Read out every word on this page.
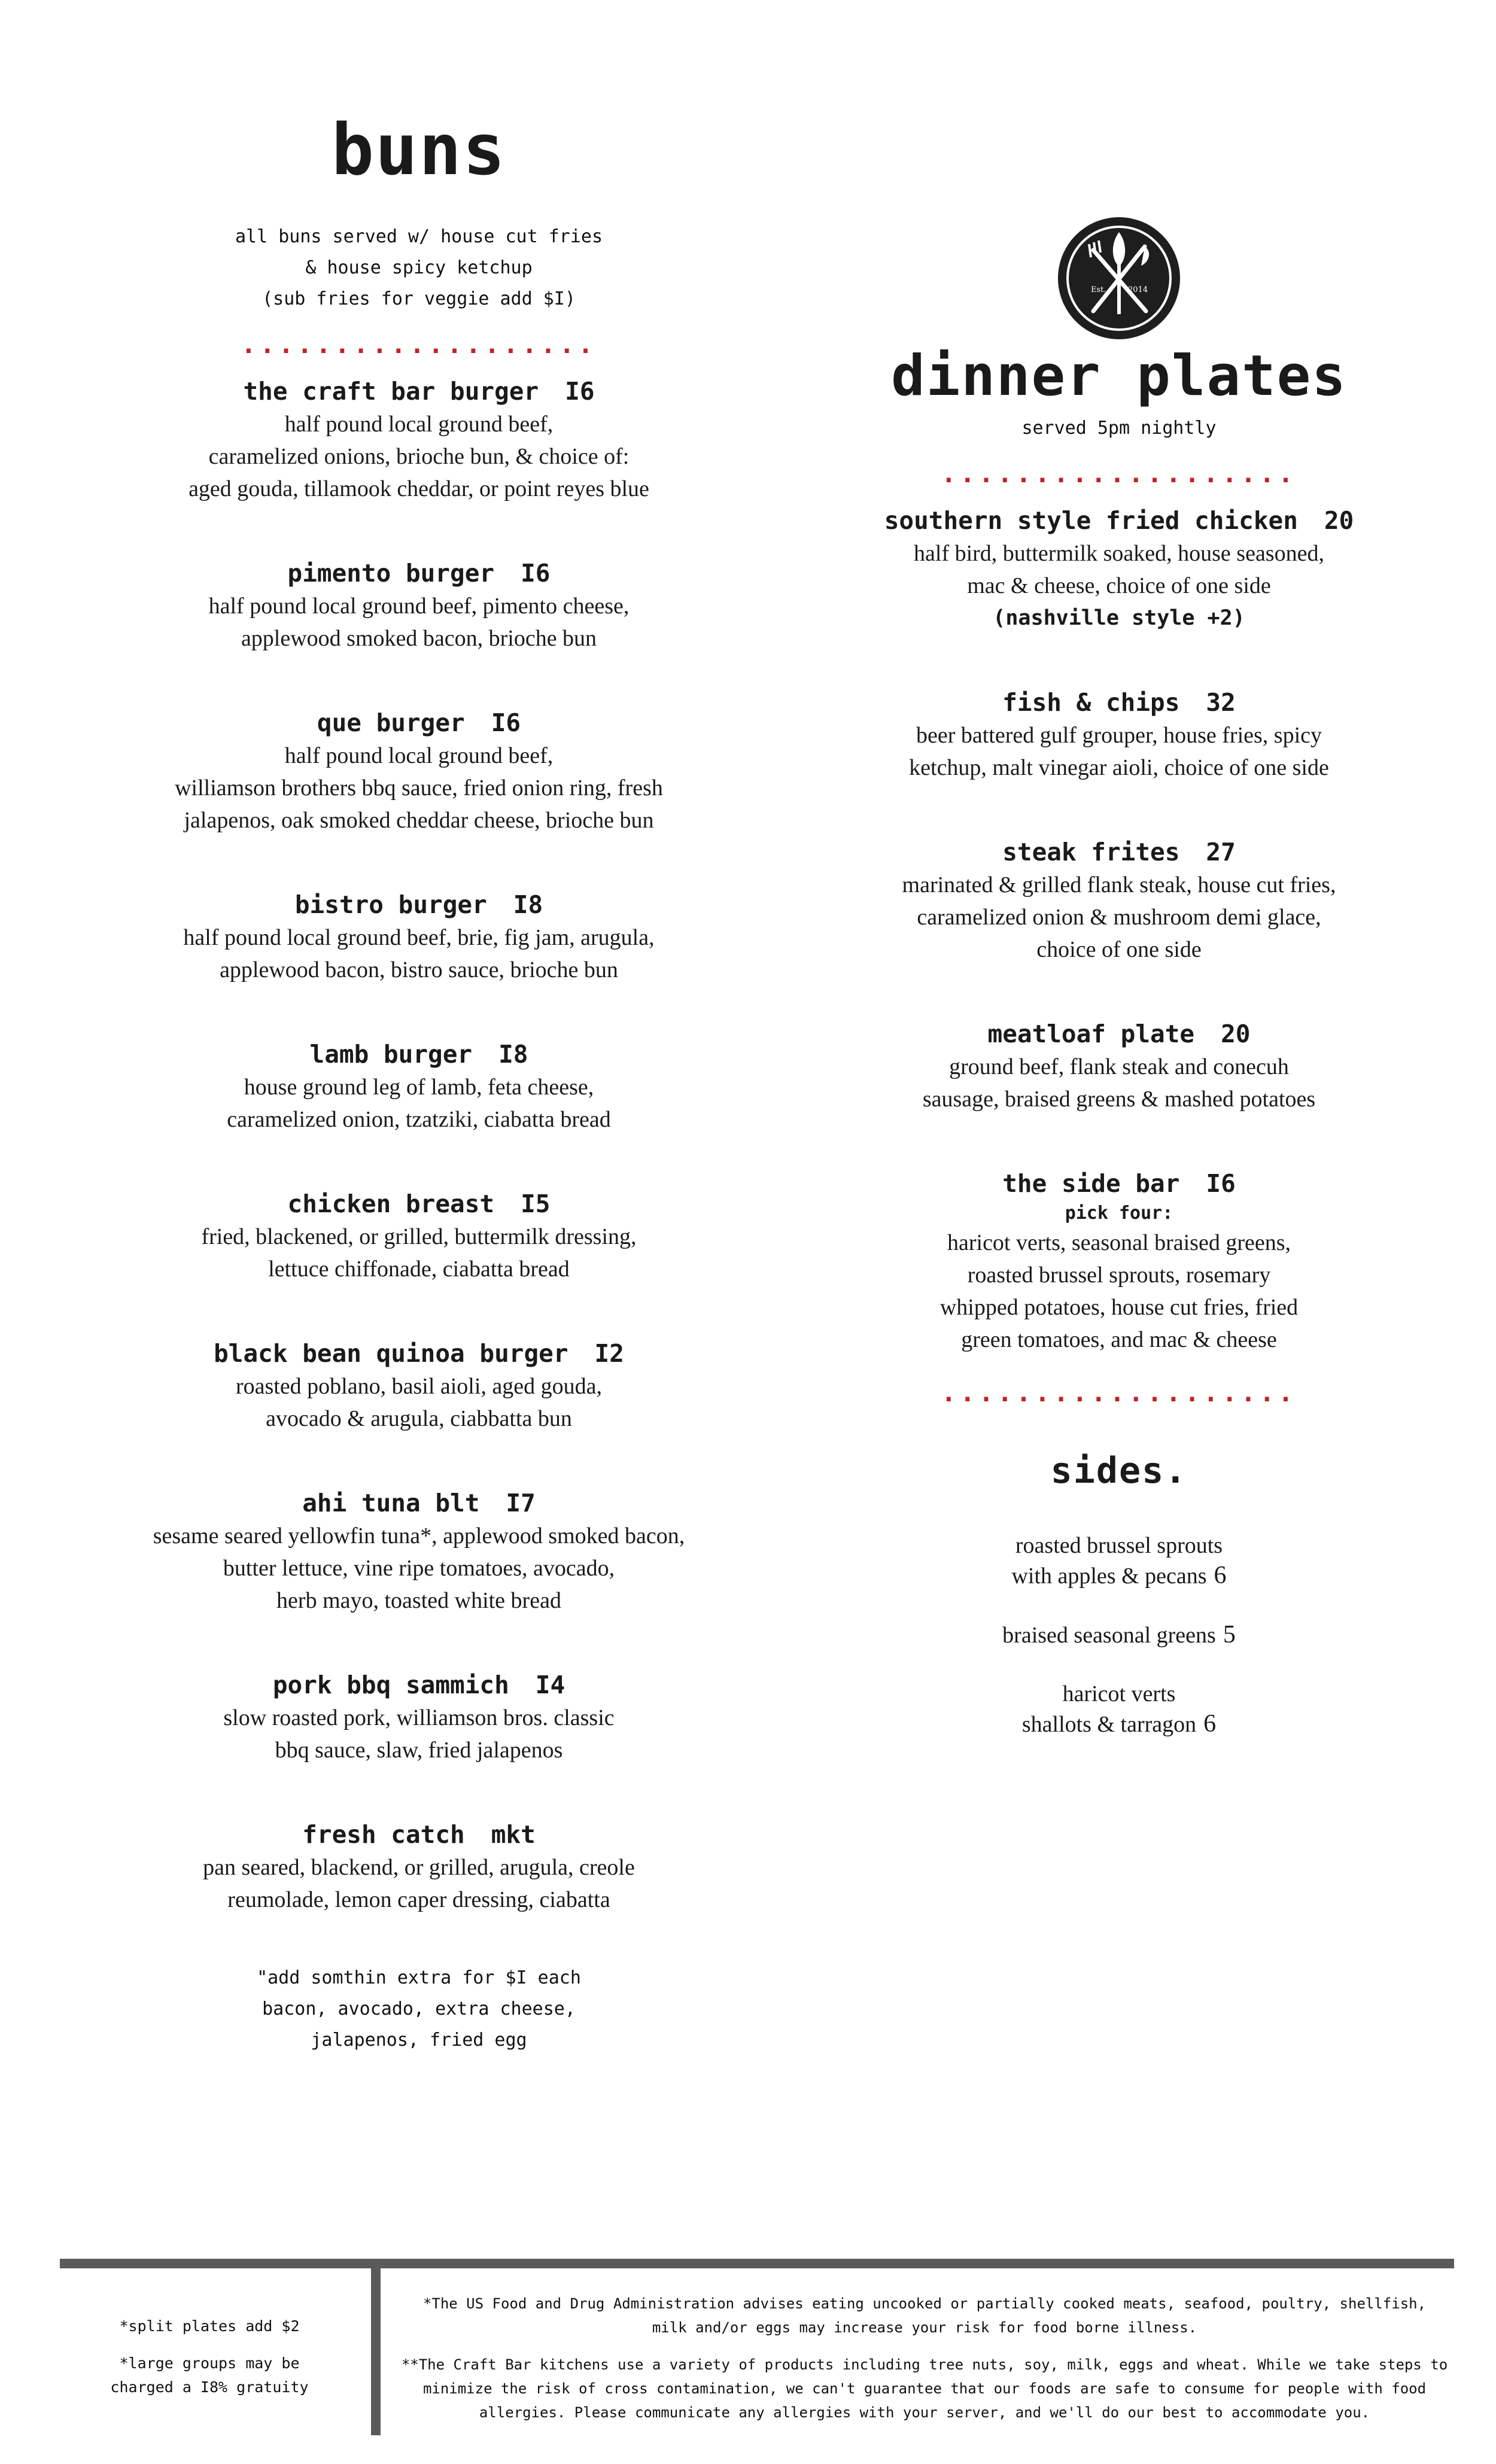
buns
all buns served w/ house cut fries
& house spicy ketchup
(sub fries for veggie add $I)
...................
the craft bar burger I6
half pound local ground beef,
caramelized onions, brioche bun, & choice of:
aged gouda, tillamook cheddar, or point reyes blue
pimento burger I6
half pound local ground beef, pimento cheese,
applewood smoked bacon, brioche bun
que burger I6
half pound local ground beef,
williamson brothers bbq sauce, fried onion ring, fresh
jalapenos, oak smoked cheddar cheese, brioche bun
bistro burger I8
half pound local ground beef, brie, fig jam, arugula,
applewood bacon, bistro sauce, brioche bun
lamb burger I8
house ground leg of lamb, feta cheese,
caramelized onion, tzatziki, ciabatta bread
chicken breast I5
fried, blackened, or grilled, buttermilk dressing,
lettuce chiffonade, ciabatta bread
black bean quinoa burger I2
roasted poblano, basil aioli, aged gouda,
avocado & arugula, ciabbatta bun
ahi tuna blt I7
sesame seared yellowfin tuna*, applewood smoked bacon,
butter lettuce, vine ripe tomatoes, avocado,
herb mayo, toasted white bread
pork bbq sammich I4
slow roasted pork, williamson bros. classic
bbq sauce, slaw, fried jalapenos
fresh catch mkt
pan seared, blackend, or grilled, arugula, creole
reumolade, lemon caper dressing, ciabatta
"add somthin extra for $I each
bacon, avocado, extra cheese,
jalapenos, fried egg
Est.	2014
dinner plates
served 5pm nightly
...................
southern style fried chicken 20
half bird, buttermilk soaked, house seasoned,
mac & cheese, choice of one side
(nashville style +2)
fish & chips 32
beer battered gulf grouper, house fries, spicy
ketchup, malt vinegar aioli, choice of one side
steak frites 27
marinated & grilled flank steak, house cut fries,
caramelized onion & mushroom demi glace,
choice of one side
meatloaf plate 20
ground beef, flank steak and conecuh
sausage, braised greens & mashed potatoes
the side bar I6
pick four:
haricot verts, seasonal braised greens,
roasted brussel sprouts, rosemary
whipped potatoes, house cut fries, fried
green tomatoes, and mac & cheese
...................
sides.
roasted brussel sprouts
with apples & pecans 6
braised seasonal greens 5
haricot verts
shallots & tarragon 6
*split plates add $2
*large groups may be
charged a I8% gratuity
*The US Food and Drug Administration advises eating uncooked or partially cooked meats, seafood, poultry, shellfish,
milk and/or eggs may increase your risk for food borne illness.
**The Craft Bar kitchens use a variety of products including tree nuts, soy, milk, eggs and wheat. While we take steps to
minimize the risk of cross contamination, we can't guarantee that our foods are safe to consume for people with food
allergies. Please communicate any allergies with your server, and we'll do our best to accommodate you.
